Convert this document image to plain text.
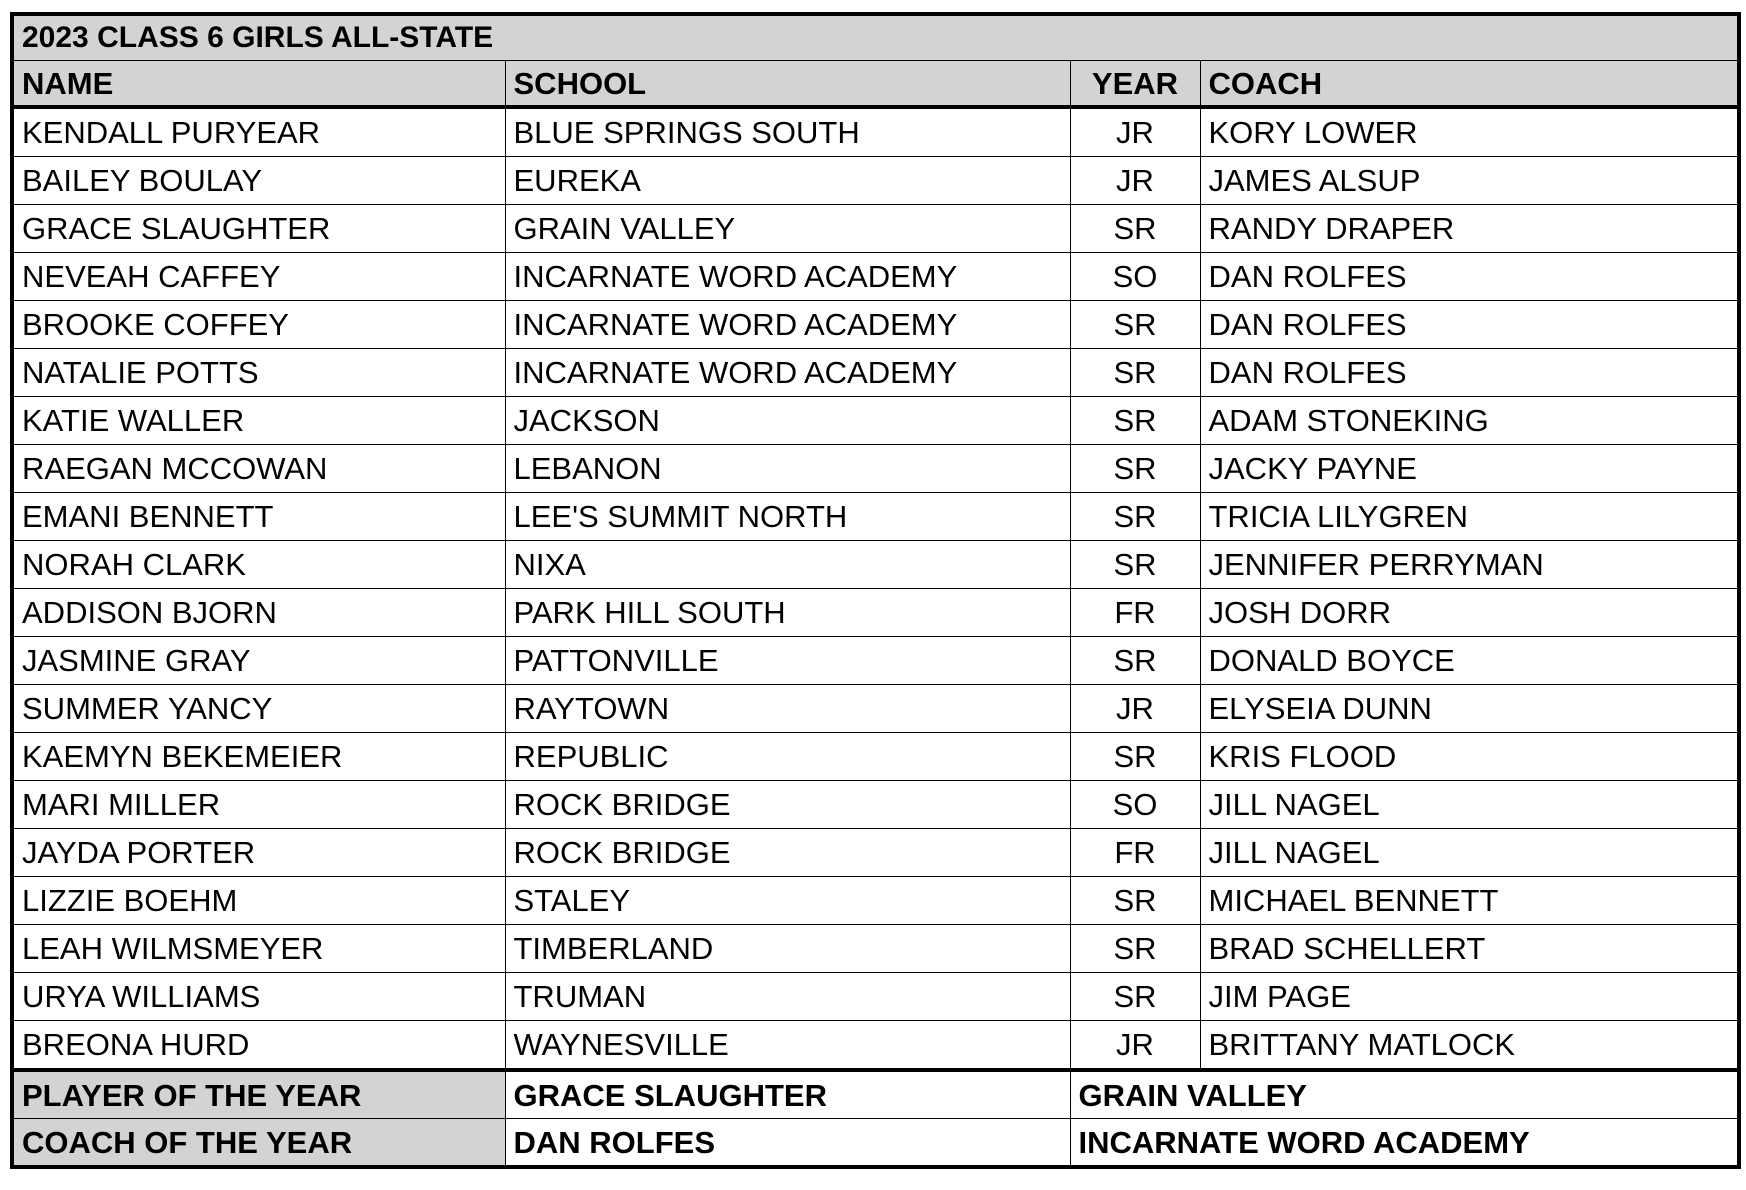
2023 CLASS 6 GIRLS ALL-STATE			
NAME	SCHOOL	YEAR	COACH
KENDALL PURYEAR	BLUE SPRINGS SOUTH	JR	KORY LOWER
BAILEY BOULAY	EUREKA	JR	JAMES ALSUP
GRACE SLAUGHTER	GRAIN VALLEY	SR	RANDY DRAPER
NEVEAH CAFFEY	INCARNATE WORD ACADEMY	SO	DAN ROLFES
BROOKE COFFEY	INCARNATE WORD ACADEMY	SR	DAN ROLFES
NATALIE POTTS	INCARNATE WORD ACADEMY	SR	DAN ROLFES
KATIE WALLER	JACKSON	SR	ADAM STONEKING
RAEGAN MCCOWAN	LEBANON	SR	JACKY PAYNE
EMANI BENNETT	LEE'S SUMMIT NORTH	SR	TRICIA LILYGREN
NORAH CLARK	NIXA	SR	JENNIFER PERRYMAN
ADDISON BJORN	PARK HILL SOUTH	FR	JOSH DORR
JASMINE GRAY	PATTONVILLE	SR	DONALD BOYCE
SUMMER YANCY	RAYTOWN	JR	ELYSEIA DUNN
KAEMYN BEKEMEIER	REPUBLIC	SR	KRIS FLOOD
MARI MILLER	ROCK BRIDGE	SO	JILL NAGEL
JAYDA PORTER	ROCK BRIDGE	FR	JILL NAGEL
LIZZIE BOEHM	STALEY	SR	MICHAEL BENNETT
LEAH WILMSMEYER	TIMBERLAND	SR	BRAD SCHELLERT
URYA WILLIAMS	TRUMAN	SR	JIM PAGE
BREONA HURD	WAYNESVILLE	JR	BRITTANY MATLOCK
PLAYER OF THE YEAR	GRACE SLAUGHTER	GRAIN VALLEY	
COACH OF THE YEAR	DAN ROLFES	INCARNATE WORD ACADEMY	
